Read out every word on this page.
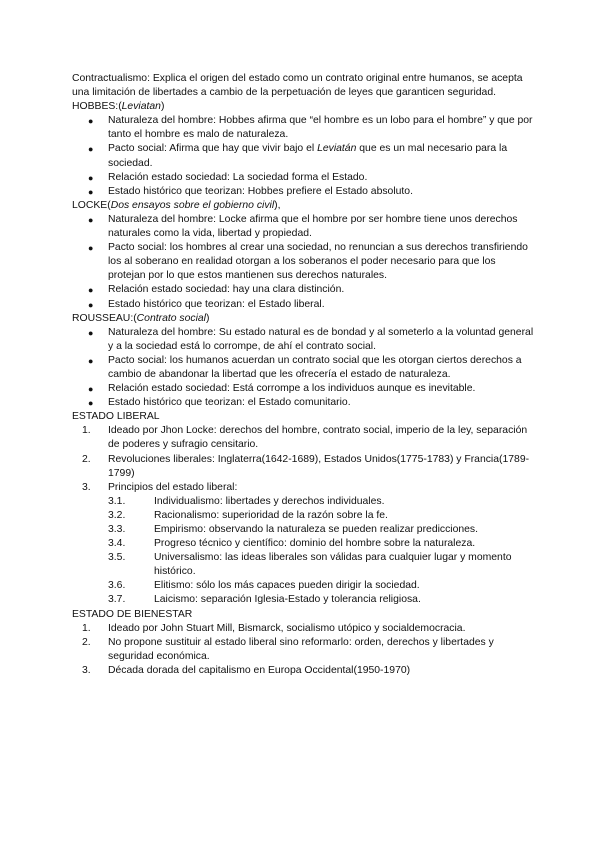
Contractualismo: Explica el origen del estado como un contrato original entre humanos, se acepta una limitación de libertades a cambio de la perpetuación de leyes que garanticen seguridad.

HOBBES:(Leviatan)

● Naturaleza del hombre: Hobbes afirma que “el hombre es un lobo para el hombre” y que por tanto el hombre es malo de naturaleza.
● Pacto social: Afirma que hay que vivir bajo el Leviatán que es un mal necesario para la sociedad.
● Relación estado sociedad: La sociedad forma el Estado.
● Estado histórico que teorizan: Hobbes prefiere el Estado absoluto.

LOCKE(Dos ensayos sobre el gobierno civil),

● Naturaleza del hombre: Locke afirma que el hombre por ser hombre tiene unos derechos naturales como la vida, libertad y propiedad.
● Pacto social: los hombres al crear una sociedad, no renuncian a sus derechos transfiriendo los al soberano en realidad otorgan a los soberanos el poder necesario para que los protejan por lo que estos mantienen sus derechos naturales.
● Relación estado sociedad: hay una clara distinción.
● Estado histórico que teorizan: el Estado liberal.

ROUSSEAU:(Contrato social)

● Naturaleza del hombre: Su estado natural es de bondad y al someterlo a la voluntad general y a la sociedad está lo corrompe, de ahí el contrato social.
● Pacto social: los humanos acuerdan un contrato social que les otorgan ciertos derechos a cambio de abandonar la libertad que les ofrecería el estado de naturaleza.
● Relación estado sociedad: Está corrompe a los individuos aunque es inevitable.
● Estado histórico que teorizan: el Estado comunitario.

ESTADO LIBERAL

1. Ideado por Jhon Locke: derechos del hombre, contrato social, imperio de la ley, separación de poderes y sufragio censitario.
2. Revoluciones liberales: Inglaterra(1642-1689), Estados Unidos(1775-1783) y Francia(1789-1799)
3. Principios del estado liberal:
3.1.	Individualismo: libertades y derechos individuales.
3.2.	Racionalismo: superioridad de la razón sobre la fe.
3.3.	Empirismo: observando la naturaleza se pueden realizar predicciones.
3.4.	Progreso técnico y científico: dominio del hombre sobre la naturaleza.
3.5.	Universalismo: las ideas liberales son válidas para cualquier lugar y momento histórico.
3.6.	Elitismo: sólo los más capaces pueden dirigir la sociedad.
3.7.	Laicismo: separación Iglesia-Estado y tolerancia religiosa.

ESTADO DE BIENESTAR

1. Ideado por John Stuart Mill, Bismarck, socialismo utópico y socialdemocracia.
2. No propone sustituir al estado liberal sino reformarlo: orden, derechos y libertades y seguridad económica.
3. Década dorada del capitalismo en Europa Occidental(1950-1970)
